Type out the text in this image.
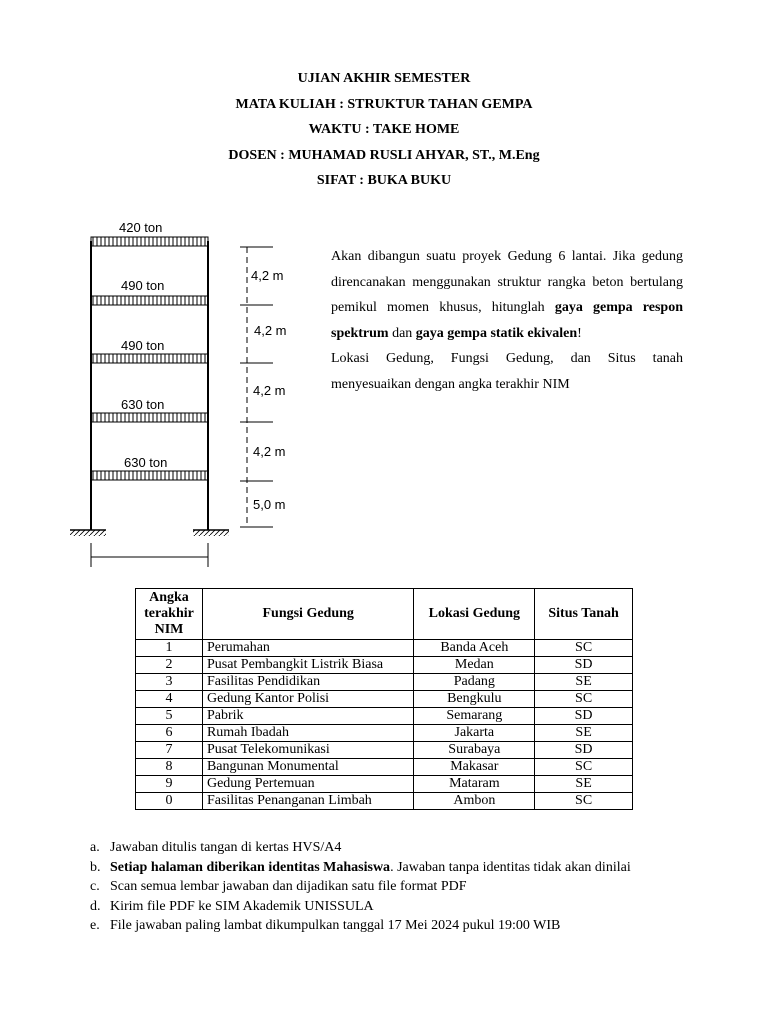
UJIAN AKHIR SEMESTER
MATA KULIAH : STRUKTUR TAHAN GEMPA
WAKTU : TAKE HOME
DOSEN : MUHAMAD RUSLI AHYAR, ST., M.Eng
SIFAT : BUKA BUKU
420 ton
490 ton
490 ton
630 ton
630 ton
4,2 m
4,2 m
4,2 m
4,2 m
5,0 m

Akan dibangun suatu proyek Gedung 6 lantai. Jika gedung direncanakan menggunakan struktur rangka beton bertulang pemikul momen khusus, hitunglah gaya gempa respon spektrum dan gaya gempa statik ekivalen!

Lokasi Gedung, Fungsi Gedung, dan Situs tanah menyesuaikan dengan angka terakhir NIM

Angka terakhir NIM	Fungsi Gedung	Lokasi Gedung	Situs Tanah
1	Perumahan	Banda Aceh	SC
2	Pusat Pembangkit Listrik Biasa	Medan	SD
3	Fasilitas Pendidikan	Padang	SE
4	Gedung Kantor Polisi	Bengkulu	SC
5	Pabrik	Semarang	SD
6	Rumah Ibadah	Jakarta	SE
7	Pusat Telekomunikasi	Surabaya	SD
8	Bangunan Monumental	Makasar	SC
9	Gedung Pertemuan	Mataram	SE
0	Fasilitas Penanganan Limbah	Ambon	SC
a. Jawaban ditulis tangan di kertas HVS/A4
b. Setiap halaman diberikan identitas Mahasiswa. Jawaban tanpa identitas tidak akan dinilai
c. Scan semua lembar jawaban dan dijadikan satu file format PDF
d. Kirim file PDF ke SIM Akademik UNISSULA
e. File jawaban paling lambat dikumpulkan tanggal 17 Mei 2024 pukul 19:00 WIB
